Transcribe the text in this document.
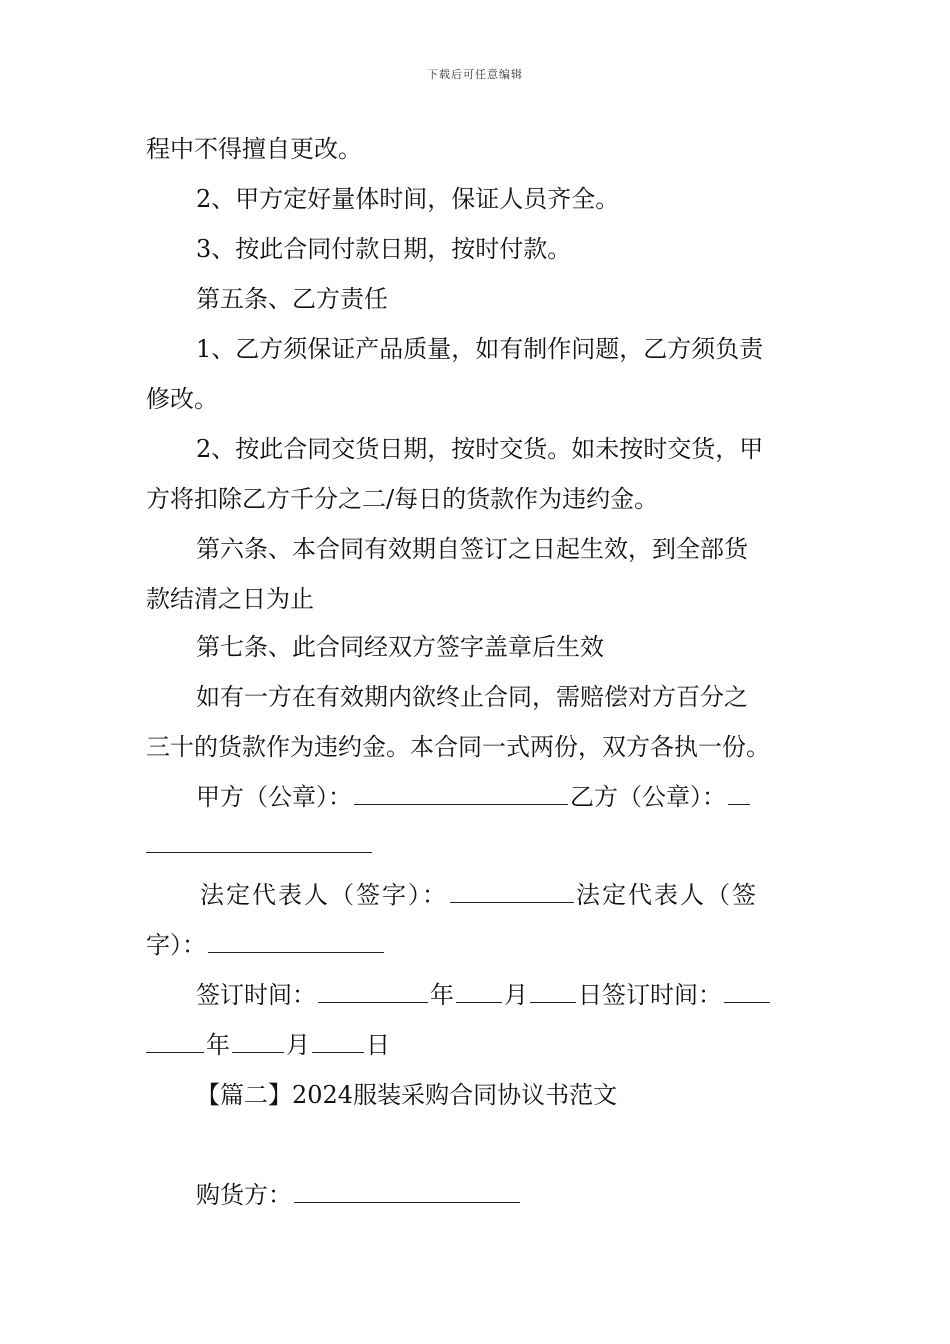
下载后可任意编辑
程中不得擅自更改。
2、甲方定好量体时间，保证人员齐全。
3、按此合同付款日期，按时付款。
第五条、乙方责任
1、乙方须保证产品质量，如有制作问题，乙方须负责
修改。
2、按此合同交货日期，按时交货。如未按时交货，甲
方将扣除乙方千分之二/每日的货款作为违约金。
第六条、本合同有效期自签订之日起生效，到全部货
款结清之日为止
第七条、此合同经双方签字盖章后生效
如有一方在有效期内欲终止合同，需赔偿对方百分之
三十的货款作为违约金。本合同一式两份，双方各执一份。
甲方（公章）：	乙方（公章）：
法定代表人（签字）：	法定代表人（签
字）：
签订时间：	年 月 日签订时间：
年 月 日
【篇二】2024服装采购合同协议书范文
购货方：
